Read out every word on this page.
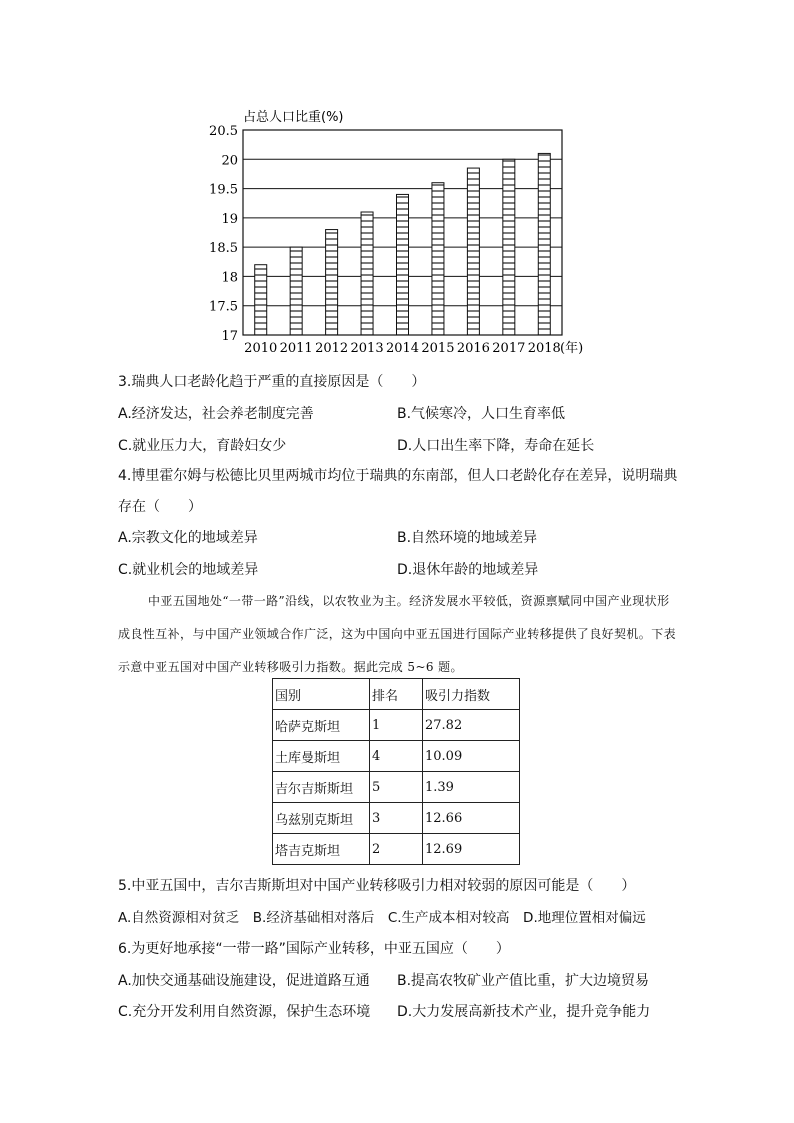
占总人口比重(%)
20.5
20
19.5
19
18.5
18
17.5
17
2010 2011 2012 2013 2014 2015 2016 2017 2018 (年)
3.瑞典人口老龄化趋于严重的直接原因是（　　）
A.经济发达，社会养老制度完善	B.气候寒冷，人口生育率低
C.就业压力大，育龄妇女少	D.人口出生率下降，寿命在延长
4.博里霍尔姆与松德比贝里两城市均位于瑞典的东南部，但人口老龄化存在差异，说明瑞典
存在（　　）
A.宗教文化的地域差异	B.自然环境的地域差异
C.就业机会的地域差异	D.退休年龄的地域差异
中亚五国地处“一带一路”沿线，以农牧业为主。经济发展水平较低，资源禀赋同中国产业现状形成良性互补，与中国产业领域合作广泛，这为中国向中亚五国进行国际产业转移提供了良好契机。下表示意中亚五国对中国产业转移吸引力指数。据此完成 5~6 题。
国别	排名	吸引力指数
哈萨克斯坦	1	27.82
土库曼斯坦	4	10.09
吉尔吉斯斯坦	5	1.39
乌兹别克斯坦	3	12.66
塔吉克斯坦	2	12.69
5.中亚五国中，吉尔吉斯斯坦对中国产业转移吸引力相对较弱的原因可能是（　　）
A.自然资源相对贫乏　B.经济基础相对落后　C.生产成本相对较高　D.地理位置相对偏远
6.为更好地承接“一带一路”国际产业转移，中亚五国应（　　）
A.加快交通基础设施建设，促进道路互通 B.提高农牧矿业产值比重，扩大边境贸易
C.充分开发利用自然资源，保护生态环境 D.大力发展高新技术产业，提升竞争能力
